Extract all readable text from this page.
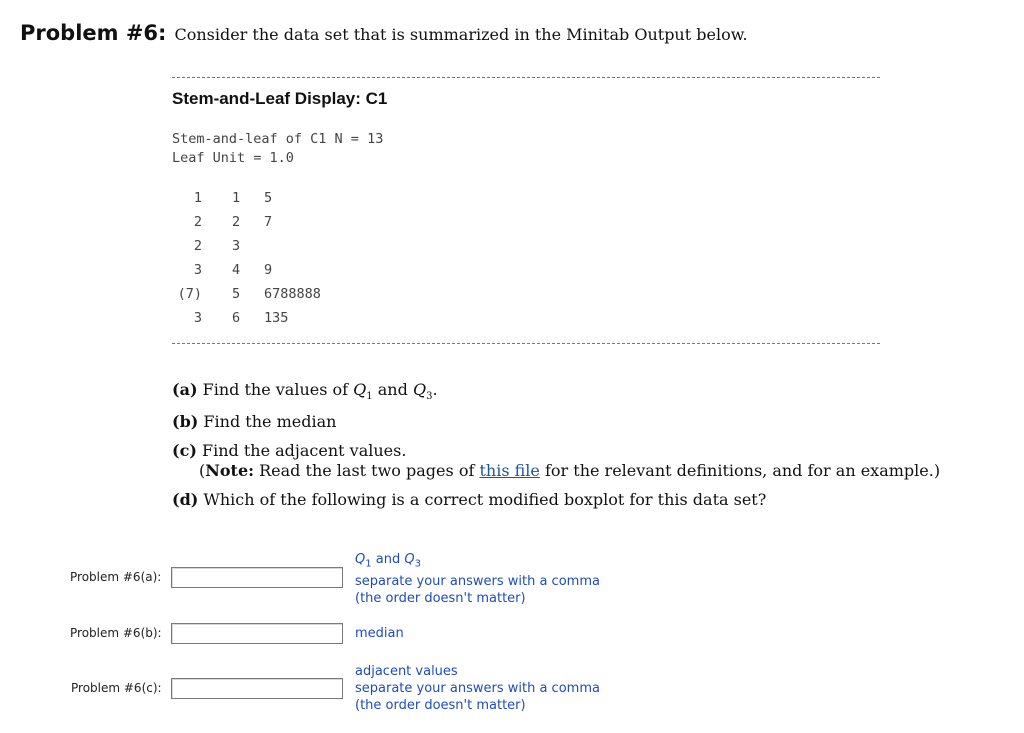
Problem #6: Consider the data set that is summarized in the Minitab Output below.
Stem-and-Leaf Display: C1
Stem-and-leaf of C1 N = 13
Leaf Unit = 1.0
1 1 5
2 2 7
2 3
3 4 9
(7) 5 6788888
3 6 135
(a) Find the values of $Q_1$ and $Q_3$.
(b) Find the median
(c) Find the adjacent values.
(Note: Read the last two pages of this file for the relevant definitions, and for an example.)
(d) Which of the following is a correct modified boxplot for this data set?
Problem #6(a):
$Q_1$ and $Q_3$
separate your answers with a comma
(the order doesn't matter)
Problem #6(b):	median
Problem #6(c):
adjacent values
separate your answers with a comma
(the order doesn't matter)
